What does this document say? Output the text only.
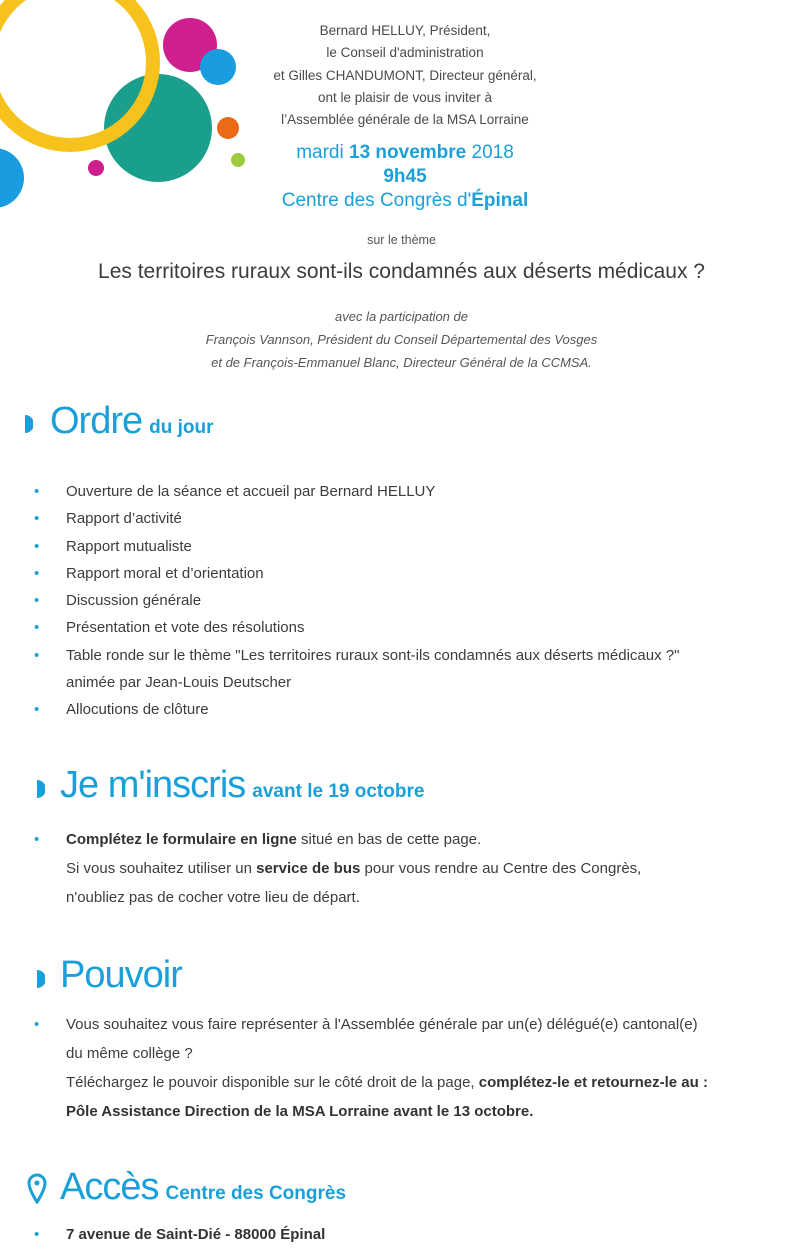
Bernard HELLUY, Président,
le Conseil d'administration
et Gilles CHANDUMONT, Directeur général,
ont le plaisir de vous inviter à
l’Assemblée générale de la MSA Lorraine
mardi 13 novembre 2018
9h45
Centre des Congrès d'Épinal
sur le thème
Les territoires ruraux sont-ils condamnés aux déserts médicaux ?
avec la participation de
François Vannson, Président du Conseil Départemental des Vosges
et de François-Emmanuel Blanc, Directeur Général de la CCMSA.
Ordre du jour
• Ouverture de la séance et accueil par Bernard HELLUY
• Rapport d’activité
• Rapport mutualiste
• Rapport moral et d’orientation
• Discussion générale
• Présentation et vote des résolutions
• Table ronde sur le thème "Les territoires ruraux sont-ils condamnés aux déserts médicaux ?"
animée par Jean-Louis Deutscher
• Allocutions de clôture
Je m'inscris avant le 19 octobre
• Complétez le formulaire en ligne situé en bas de cette page.
Si vous souhaitez utiliser un service de bus pour vous rendre au Centre des Congrès,
n'oubliez pas de cocher votre lieu de départ.
Pouvoir
• Vous souhaitez vous faire représenter à l'Assemblée générale par un(e) délégué(e) cantonal(e)
du même collège ?
Téléchargez le pouvoir disponible sur le côté droit de la page, complétez-le et retournez-le au :
Pôle Assistance Direction de la MSA Lorraine avant le 13 octobre.
Accès Centre des Congrès
• 7 avenue de Saint-Dié - 88000 Épinal
